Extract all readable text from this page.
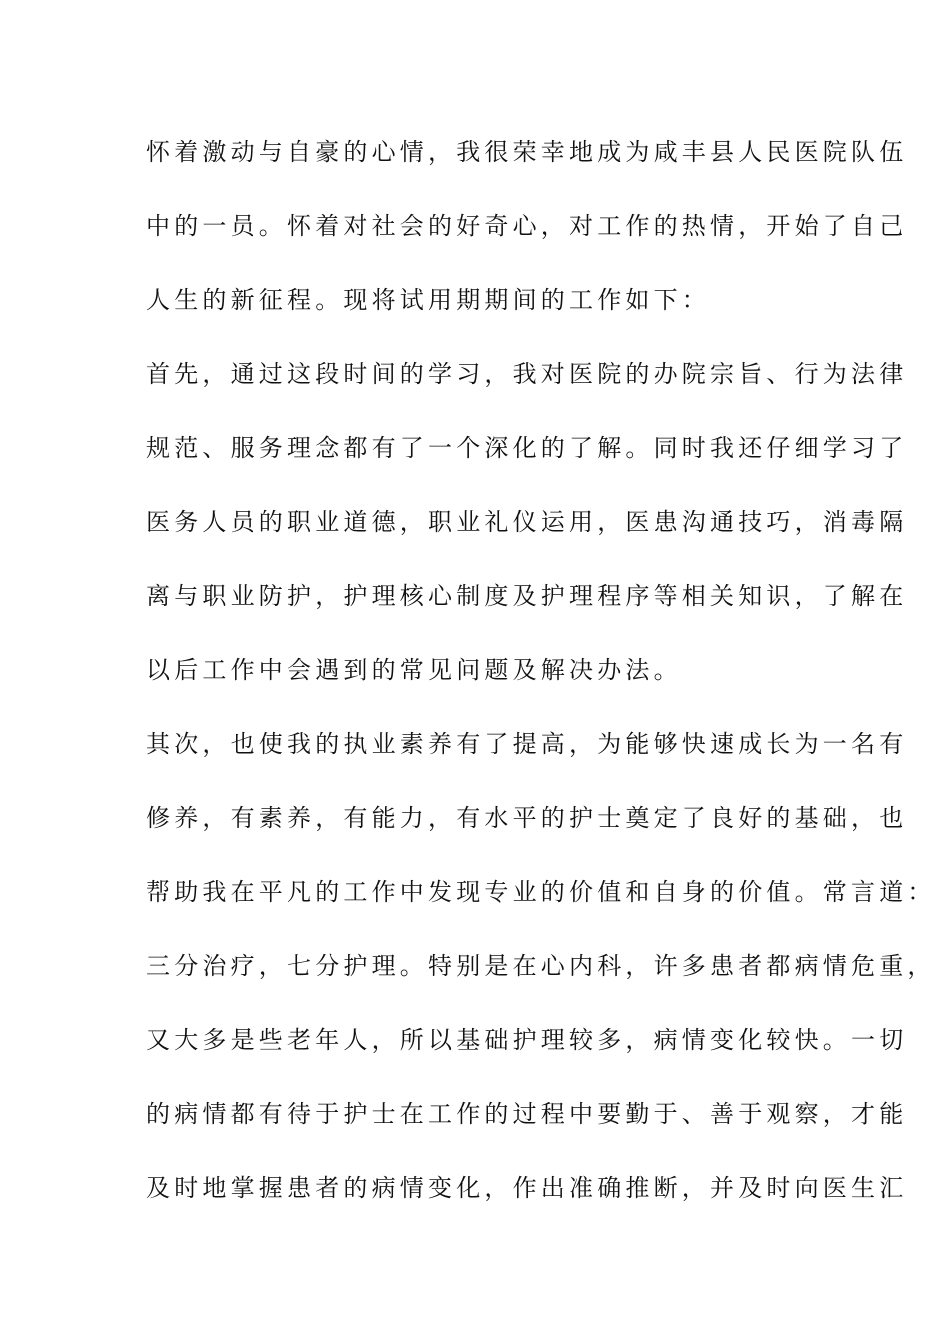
怀着激动与自豪的心情，我很荣幸地成为咸丰县人民医院队伍
中的一员。怀着对社会的好奇心，对工作的热情，开始了自己
人生的新征程。现将试用期期间的工作如下：
首先，通过这段时间的学习，我对医院的办院宗旨、行为法律
规范、服务理念都有了一个深化的了解。同时我还仔细学习了
医务人员的职业道德，职业礼仪运用，医患沟通技巧，消毒隔
离与职业防护，护理核心制度及护理程序等相关知识，了解在
以后工作中会遇到的常见问题及解决办法。
其次，也使我的执业素养有了提高，为能够快速成长为一名有
修养，有素养，有能力，有水平的护士奠定了良好的基础，也
帮助我在平凡的工作中发现专业的价值和自身的价值。常言道：
三分治疗，七分护理。特别是在心内科，许多患者都病情危重，
又大多是些老年人，所以基础护理较多，病情变化较快。一切
的病情都有待于护士在工作的过程中要勤于、善于观察，才能
及时地掌握患者的病情变化，作出准确推断，并及时向医生汇
